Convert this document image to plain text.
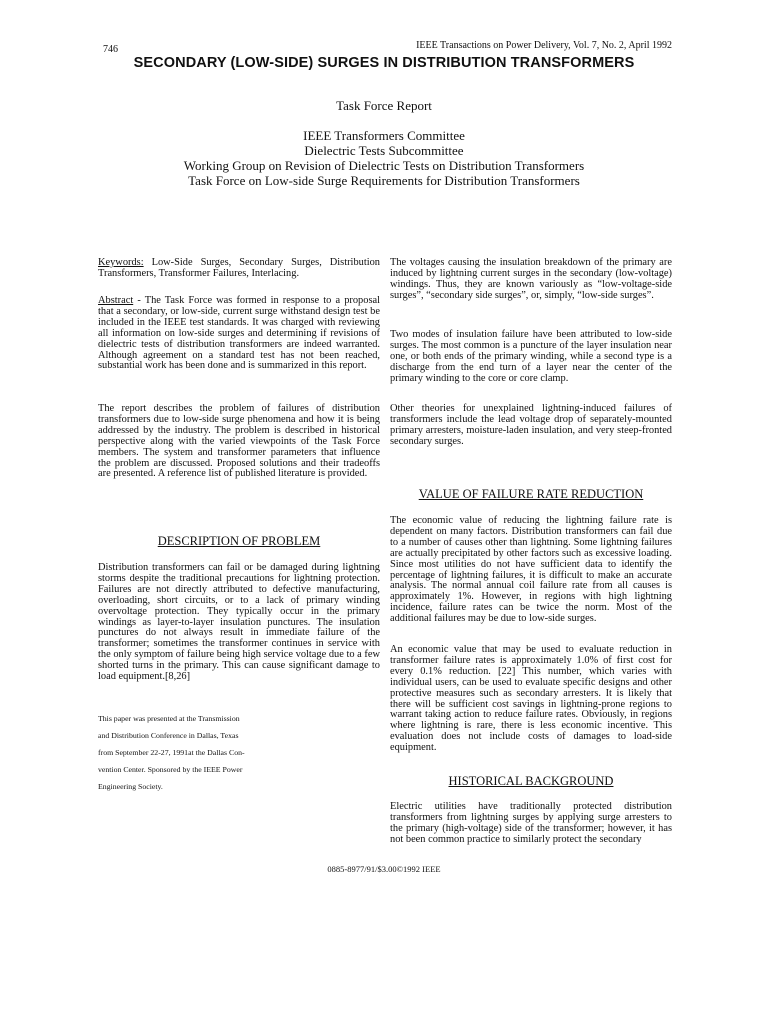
746	IEEE Transactions on Power Delivery, Vol. 7, No. 2, April 1992
SECONDARY (LOW-SIDE) SURGES IN DISTRIBUTION TRANSFORMERS
Task Force Report
IEEE Transformers Committee
Dielectric Tests Subcommittee
Working Group on Revision of Dielectric Tests on Distribution Transformers
Task Force on Low-side Surge Requirements for Distribution Transformers

Keywords: Low-Side Surges, Secondary Surges, Distribution Transformers, Transformer Failures, Interlacing.

Abstract - The Task Force was formed in response to a proposal that a secondary, or low-side, current surge withstand design test be included in the IEEE test standards. It was charged with reviewing all information on low-side surges and determining if revisions of dielectric tests of distribution transformers are indeed warranted. Although agreement on a standard test has not been reached, substantial work has been done and is summarized in this report.

The report describes the problem of failures of distribution transformers due to low-side surge phenomena and how it is being addressed by the industry. The problem is described in historical perspective along with the varied viewpoints of the Task Force members. The system and transformer parameters that influence the problem are discussed. Proposed solutions and their tradeoffs are presented. A reference list of published literature is provided.

DESCRIPTION OF PROBLEM

Distribution transformers can fail or be damaged during lightning storms despite the traditional precautions for lightning protection. Failures are not directly attributed to defective manufacturing, overloading, short circuits, or to a lack of primary winding overvoltage protection. They typically occur in the primary windings as layer-to-layer insulation punctures. The insulation punctures do not always result in immediate failure of the transformer; sometimes the transformer continues in service with the only symptom of failure being high service voltage due to a few shorted turns in the primary. This can cause significant damage to load equipment.[8,26]

This paper was presented at the Transmission
and Distribution Conference in Dallas, Texas
from September 22-27, 1991at the Dallas Con-
vention Center. Sponsored by the IEEE Power
Engineering Society.

The voltages causing the insulation breakdown of the primary are induced by lightning current surges in the secondary (low-voltage) windings. Thus, they are known variously as “low-voltage-side surges”, “secondary side surges”, or, simply, “low-side surges”.

Two modes of insulation failure have been attributed to low-side surges. The most common is a puncture of the layer insulation near one, or both ends of the primary winding, while a second type is a discharge from the end turn of a layer near the center of the primary winding to the core or core clamp.

Other theories for unexplained lightning-induced failures of transformers include the lead voltage drop of separately-mounted primary arresters, moisture-laden insulation, and very steep-fronted secondary surges.

VALUE OF FAILURE RATE REDUCTION

The economic value of reducing the lightning failure rate is dependent on many factors. Distribution transformers can fail due to a number of causes other than lightning. Some lightning failures are actually precipitated by other factors such as excessive loading. Since most utilities do not have sufficient data to identify the percentage of lightning failures, it is difficult to make an accurate analysis. The normal annual coil failure rate from all causes is approximately 1%. However, in regions with high lightning incidence, failure rates can be twice the norm. Most of the additional failures may be due to low-side surges.

An economic value that may be used to evaluate reduction in transformer failure rates is approximately 1.0% of first cost for every 0.1% reduction. [22] This number, which varies with individual users, can be used to evaluate specific designs and other protective measures such as secondary arresters. It is likely that there will be sufficient cost savings in lightning-prone regions to warrant taking action to reduce failure rates. Obviously, in regions where lightning is rare, there is less economic incentive. This evaluation does not include costs of damages to load-side equipment.

HISTORICAL BACKGROUND

Electric utilities have traditionally protected distribution transformers from lightning surges by applying surge arresters to the primary (high-voltage) side of the transformer; however, it has not been common practice to similarly protect the secondary

0885-8977/91/$3.00©1992 IEEE
